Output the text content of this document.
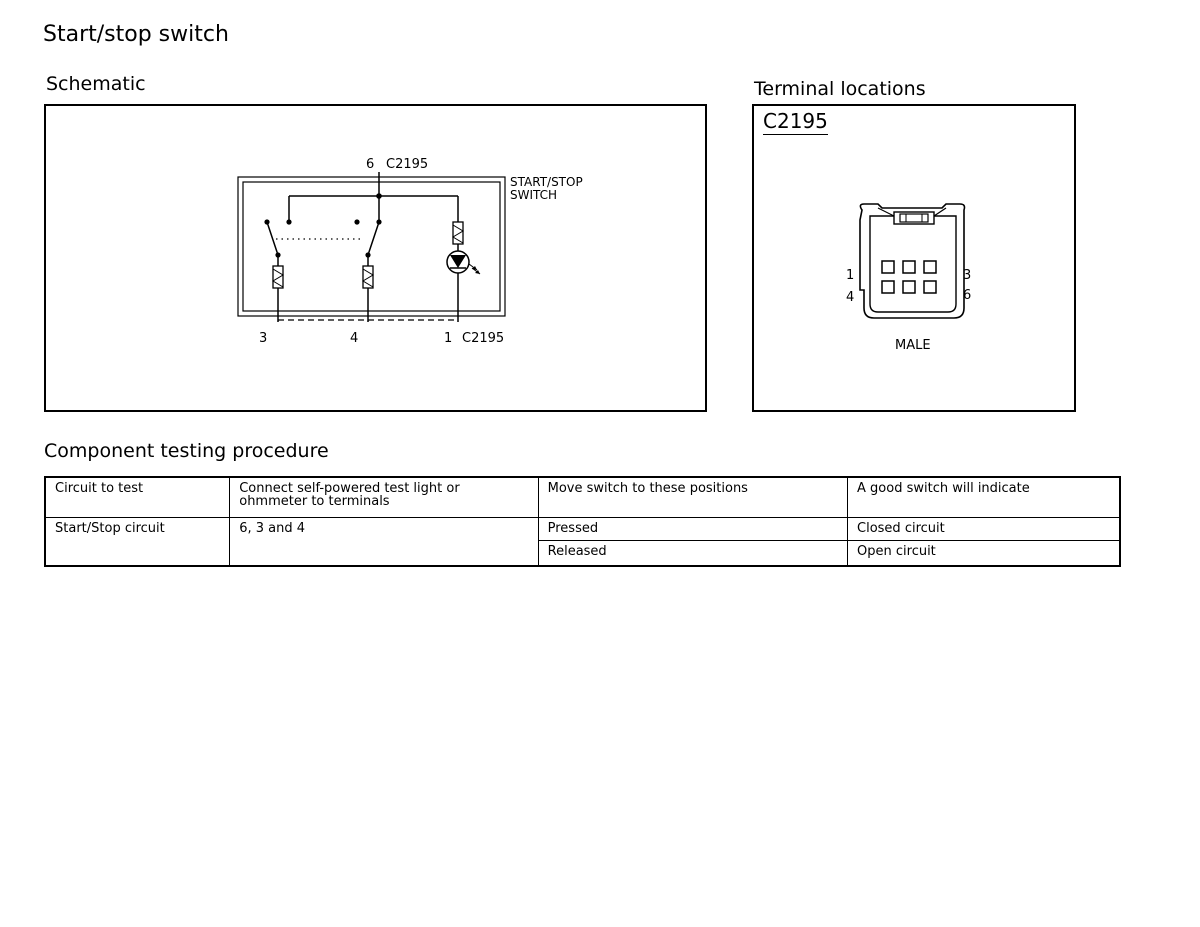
Start/stop switch
Schematic
6 C2195
START/STOP
SWITCH
3	4	1 C2195
Terminal locations
C2195
1
4
3
6
MALE
Component testing procedure
Circuit to test	Connect self-powered test light or ohmmeter to terminals	Move switch to these positions	A good switch will indicate
Start/Stop circuit	6, 3 and 4	Pressed	Closed circuit
		Released	Open circuit
